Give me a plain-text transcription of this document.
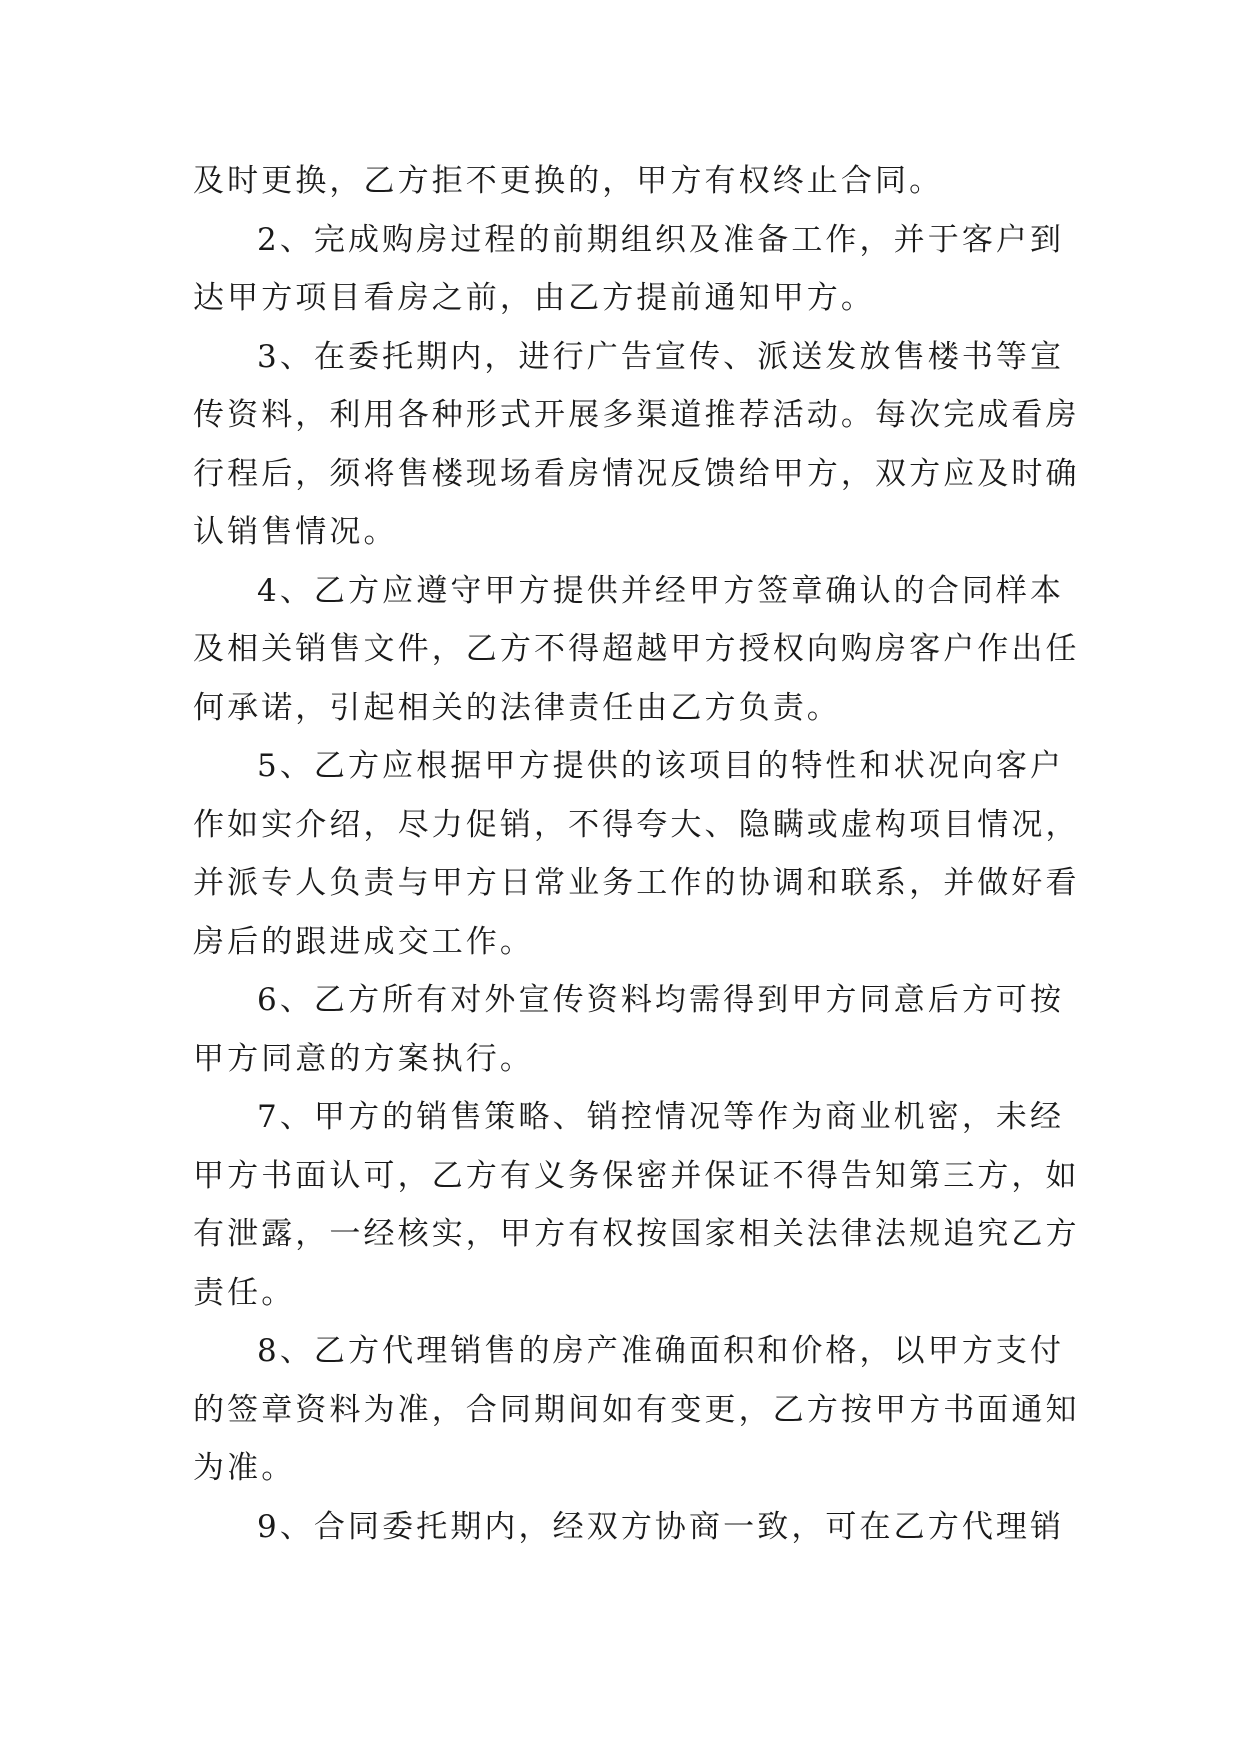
及时更换，乙方拒不更换的，甲方有权终止合同。
2、完成购房过程的前期组织及准备工作，并于客户到
达甲方项目看房之前，由乙方提前通知甲方。
3、在委托期内，进行广告宣传、派送发放售楼书等宣
传资料，利用各种形式开展多渠道推荐活动。每次完成看房
行程后，须将售楼现场看房情况反馈给甲方，双方应及时确
认销售情况。
4、乙方应遵守甲方提供并经甲方签章确认的合同样本
及相关销售文件，乙方不得超越甲方授权向购房客户作出任
何承诺，引起相关的法律责任由乙方负责。
5、乙方应根据甲方提供的该项目的特性和状况向客户
作如实介绍，尽力促销，不得夸大、隐瞒或虚构项目情况，
并派专人负责与甲方日常业务工作的协调和联系，并做好看
房后的跟进成交工作。
6、乙方所有对外宣传资料均需得到甲方同意后方可按
甲方同意的方案执行。
7、甲方的销售策略、销控情况等作为商业机密，未经
甲方书面认可，乙方有义务保密并保证不得告知第三方，如
有泄露，一经核实，甲方有权按国家相关法律法规追究乙方
责任。
8、乙方代理销售的房产准确面积和价格，以甲方支付
的签章资料为准，合同期间如有变更，乙方按甲方书面通知
为准。
9、合同委托期内，经双方协商一致，可在乙方代理销
